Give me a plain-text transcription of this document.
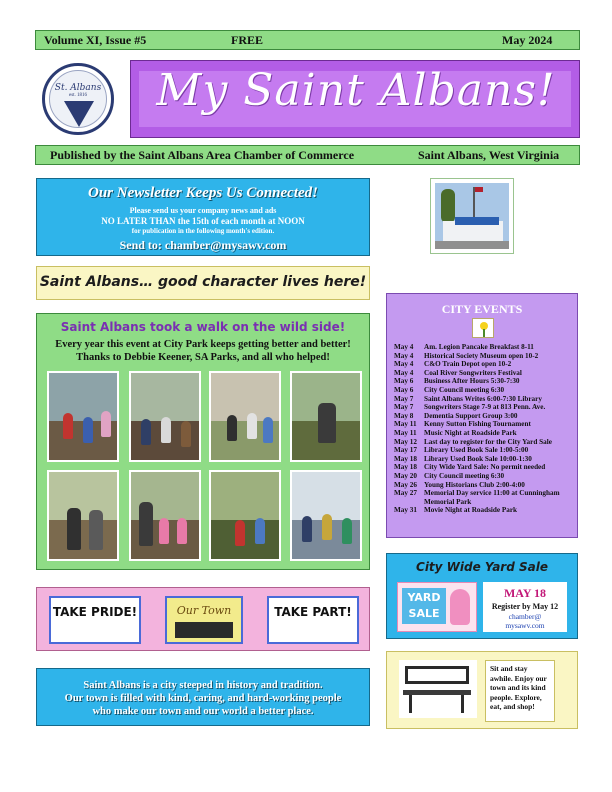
Volume XI, Issue #5	FREE	May 2024
St. Albans
est. 1816	My Saint Albans!
Published by the Saint Albans Area Chamber of Commerce	Saint Albans, West Virginia
Our Newsletter Keeps Us Connected!
Please send us your company news and ads
NO LATER THAN the 15th of each month at NOON
for publication in the following month's edition.
Send to: chamber@mysawv.com
Saint Albans… good character lives here!
Saint Albans took a walk on the wild side!
Every year this event at City Park keeps getting better and better!
Thanks to Debbie Keener, SA Parks, and all who helped!
CITY EVENTS
May 4	Am. Legion Pancake Breakfast 8-11
May 4	Historical Society Museum open 10-2
May 4	C&O Train Depot open 10-2
May 4	Coal River Songwriters Festival
May 6	Business After Hours 5:30-7:30
May 6	City Council meeting 6:30
May 7	Saint Albans Writes 6:00-7:30 Library
May 7	Songwriters Stage 7-9 at 813 Penn. Ave.
May 8	Dementia Support Group 3:00
May 11	Kenny Sutton Fishing Tournament
May 11	Music Night at Roadside Park
May 12 Last day to register for the City Yard Sale
May 17 Library Used Book Sale 1:00-5:00
May 18 Library Used Book Sale 10:00-1:30
May 18 City Wide Yard Sale: No permit needed
May 20 City Council meeting 6:30
May 26 Young Historians Club 2:00-4:00
May 27 Memorial Day service 11:00 at Cunningham Memorial Park
May 31 Movie Night at Roadside Park
City Wide Yard Sale
YARD SALE
MAY 18
Register by May 12
chamber@
mysawv.com
TAKE PRIDE!	Our Town	TAKE PART!
Saint Albans is a city steeped in history and tradition.
Our town is filled with kind, caring, and hard-working people
who make our town and our world a better place.
Sit and stay awhile. Enjoy our town and its kind people. Explore, eat, and shop!
